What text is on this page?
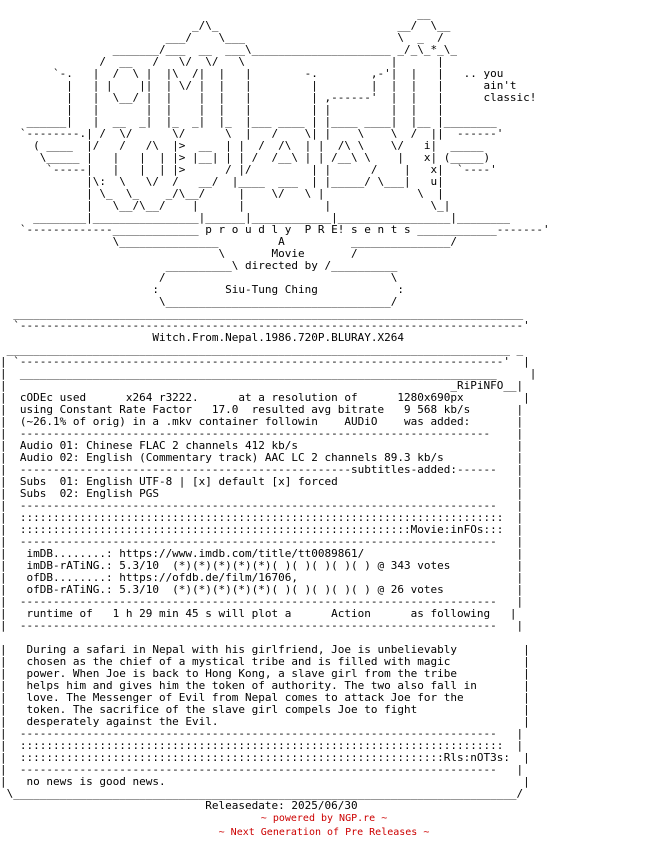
__
_/\_                           __/  \__
___/    \___                       \  _  /
_______/___  __  ___\_____________________ _/_\_*_\_
/  __   /   \/  \/   \                      |      |
`-.   |  /  \ |  |\  /|  |   |        -.        ,-'|  |   |   .. you
|   | |    ||  | \/ |  |   |         |        |  |  |   |      ain't
|   |  \__/ |  |    |  |   |         | ,------'  |  |   |      classic!
|   |       |  |    |  |   |         | |         |  |   |
______|   |  __  _|  |_  _|  |_  |___ ____ | |____ ____|  |__ |________
`--------.| /  \/      \/      \  |   /    \| |    \    \  /  ||  ------'
( ____  |/   /   /\  |>  __  | |  /  /\  | |  /\ \    \/   i|  _____
\_____ |   |   |  | |> |__| | | /  /__\ | | /__\ \    |   x| (_____)
`-----|   |   |  | |>      / |/         | |      /    |   x|  `----'
|\:  \   \/  /   __/  |____  ___  | |_____/ \___|   u|
| \_  \_    _/\__/     |    \/   \ |              \  |
|   \__/\__/    |      |            |               \_|
________|________________|______|____________|_________________|________
`-------------_____________ p r o u d l y  P R E! s e n t s ____________-------'
\_______________         A          _______________/
\       Movie       /
__________\ directed by /__________
/                                  \
:          Siu-Tung Ching            :
\__________________________________/
_____________________________________________________________________________
`----------------------------------------------------------------------------'
Witch.From.Nepal.1986.720P.BLURAY.X264
____________________________________________________________________________ _
| `-------------------------------------------------------------------------'  |
|  ________________________________________________________________________     |
|                                                                   _RiPiNFO__|
|  cODEc used      x264 r3222.      at a resolution of      1280x690px         |
|  using Constant Rate Factor   17.0  resulted avg bitrate   9 568 kb/s       |
|  (~26.1% of orig) in a .mkv container followin    AUDiO    was added:       |
|  -----------------------------------------------------------------------    |
|  Audio 01: Chinese FLAC 2 channels 412 kb/s                                 |
|  Audio 02: English (Commentary track) AAC LC 2 channels 89.3 kb/s           |
|  --------------------------------------------------subtitles-added:------   |
|  Subs  01: English UTF-8 | [x] default [x] forced                           |
|  Subs  02: English PGS                                                      |
|  ------------------------------------------------------------------------   |
|  :::::::::::::::::::::::::::::::::::::::::::::::::::::::::::::::::::::::::  |
|  :::::::::::::::::::::::::::::::::::::::::::::::::::::::::::Movie:inFOs:::  |
|  ------------------------------------------------------------------------   |
|   imDB........: https://www.imdb.com/title/tt0089861/                       |
|   imDB-rATiNG.: 5.3/10  (*)(*)(*)(*)(*)( )( )( )( )( ) @ 343 votes          |
|   ofDB........: https://ofdb.de/film/16706,                                 |
|   ofDB-rATiNG.: 5.3/10  (*)(*)(*)(*)(*)( )( )( )( )( ) @ 26 votes           |
|  ------------------------------------------------------------------------   |
|   runtime of   1 h 29 min 45 s will plot a      Action      as following   |
|  ------------------------------------------------------------------------   |

|   During a safari in Nepal with his girlfriend, Joe is unbelievably          |
|   chosen as the chief of a mystical tribe and is filled with magic           |
|   power. When Joe is back to Hong Kong, a slave girl from the tribe          |
|   helps him and gives him the token of authority. The two also fall in       |
|   love. The Messenger of Evil from Nepal comes to attack Joe for the         |
|   token. The sacrifice of the slave girl compels Joe to fight                |
|   desperately against the Evil.                                              |
|  ------------------------------------------------------------------------   |
|  :::::::::::::::::::::::::::::::::::::::::::::::::::::::::::::::::::::::::  |
|  ::::::::::::::::::::::::::::::::::::::::::::::::::::::::::::::::Rls:nOT3s:  |
|  ------------------------------------------------------------------------   |
|   no news is good news.                                                      |
\____________________________________________________________________________/
Releasedate: 2025/06/30
~ powered by NGP.re ~
~ Next Generation of Pre Releases ~
